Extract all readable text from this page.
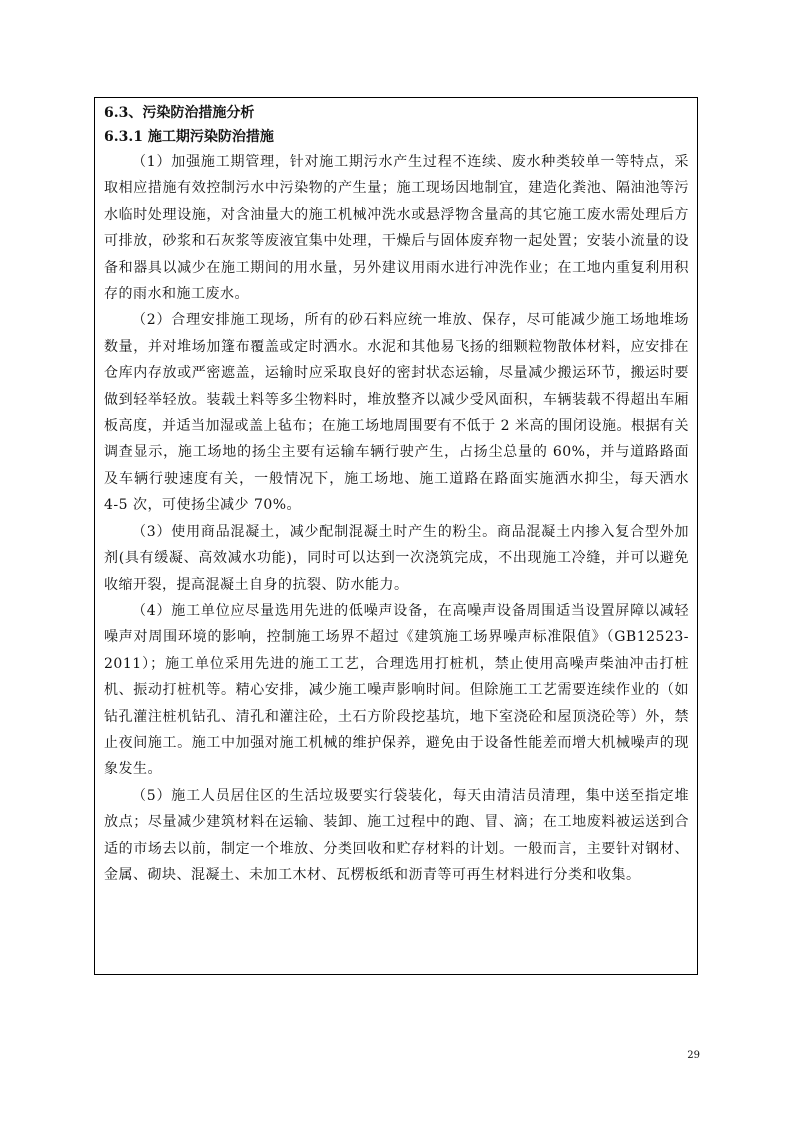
6.3、污染防治措施分析

6.3.1 施工期污染防治措施

（1）加强施工期管理，针对施工期污水产生过程不连续、废水种类较单一等特点，采取相应措施有效控制污水中污染物的产生量；施工现场因地制宜，建造化粪池、隔油池等污水临时处理设施，对含油量大的施工机械冲洗水或悬浮物含量高的其它施工废水需处理后方可排放，砂浆和石灰浆等废液宜集中处理，干燥后与固体废弃物一起处置；安装小流量的设备和器具以减少在施工期间的用水量，另外建议用雨水进行冲洗作业；在工地内重复利用积存的雨水和施工废水。

（2）合理安排施工现场，所有的砂石料应统一堆放、保存，尽可能减少施工场地堆场数量，并对堆场加篷布覆盖或定时洒水。水泥和其他易飞扬的细颗粒物散体材料，应安排在仓库内存放或严密遮盖，运输时应采取良好的密封状态运输，尽量减少搬运环节，搬运时要做到轻举轻放。装载土料等多尘物料时，堆放整齐以减少受风面积，车辆装载不得超出车厢板高度，并适当加湿或盖上毡布；在施工场地周围要有不低于 2 米高的围闭设施。根据有关调查显示，施工场地的扬尘主要有运输车辆行驶产生，占扬尘总量的 60%，并与道路路面及车辆行驶速度有关，一般情况下，施工场地、施工道路在路面实施洒水抑尘，每天洒水 4-5 次，可使扬尘减少 70%。

（3）使用商品混凝土，减少配制混凝土时产生的粉尘。商品混凝土内掺入复合型外加剂(具有缓凝、高效减水功能)，同时可以达到一次浇筑完成，不出现施工冷缝，并可以避免收缩开裂，提高混凝土自身的抗裂、防水能力。

（4）施工单位应尽量选用先进的低噪声设备，在高噪声设备周围适当设置屏障以减轻噪声对周围环境的影响，控制施工场界不超过《建筑施工场界噪声标准限值》（GB12523-2011）；施工单位采用先进的施工工艺，合理选用打桩机，禁止使用高噪声柴油冲击打桩机、振动打桩机等。精心安排，减少施工噪声影响时间。但除施工工艺需要连续作业的（如钻孔灌注桩机钻孔、清孔和灌注砼，土石方阶段挖基坑，地下室浇砼和屋顶浇砼等）外，禁止夜间施工。施工中加强对施工机械的维护保养，避免由于设备性能差而增大机械噪声的现象发生。

（5）施工人员居住区的生活垃圾要实行袋装化，每天由清洁员清理，集中送至指定堆放点；尽量减少建筑材料在运输、装卸、施工过程中的跑、冒、滴；在工地废料被运送到合适的市场去以前，制定一个堆放、分类回收和贮存材料的计划。一般而言，主要针对钢材、金属、砌块、混凝土、未加工木材、瓦楞板纸和沥青等可再生材料进行分类和收集。

29
